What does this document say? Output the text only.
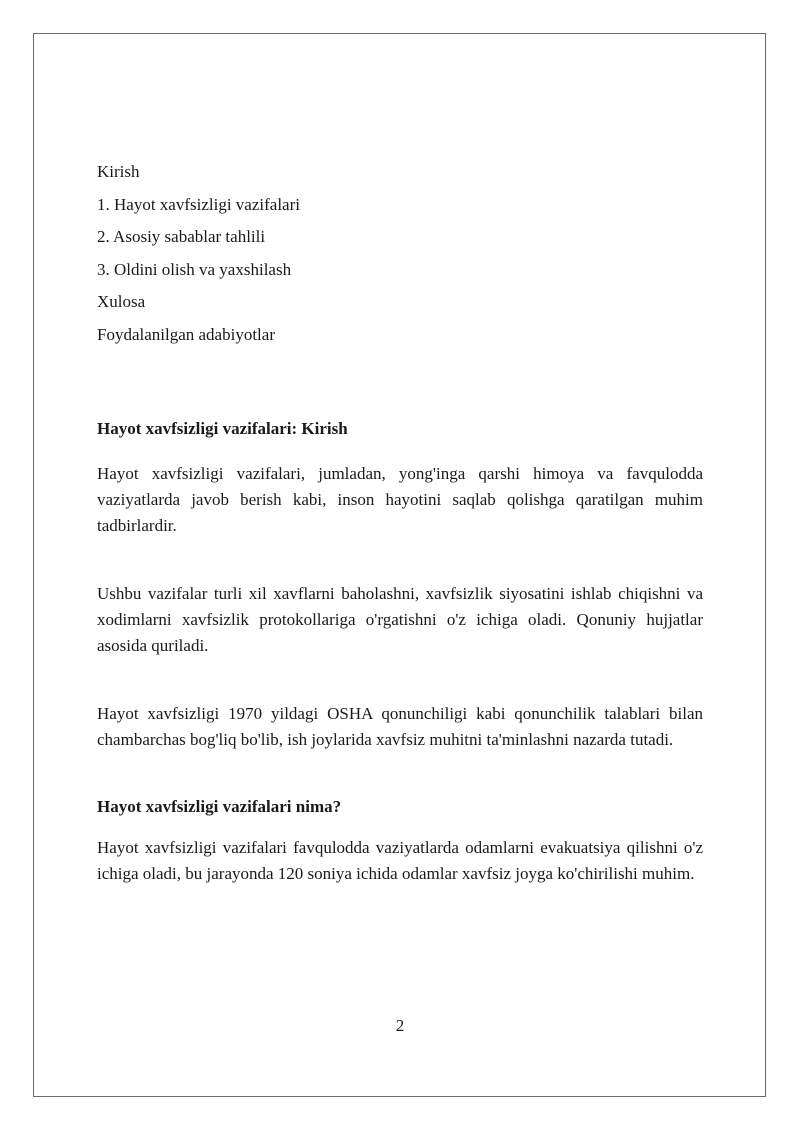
Kirish
1. Hayot xavfsizligi vazifalari
2. Asosiy sabablar tahlili
3. Oldini olish va yaxshilash
Xulosa
Foydalanilgan adabiyotlar
Hayot xavfsizligi vazifalari: Kirish

Hayot xavfsizligi vazifalari, jumladan, yong'inga qarshi himoya va favqulodda vaziyatlarda javob berish kabi, inson hayotini saqlab qolishga qaratilgan muhim tadbirlardir.

Ushbu vazifalar turli xil xavflarni baholashni, xavfsizlik siyosatini ishlab chiqishni va xodimlarni xavfsizlik protokollariga o'rgatishni o'z ichiga oladi. Qonuniy hujjatlar asosida quriladi.

Hayot xavfsizligi 1970 yildagi OSHA qonunchiligi kabi qonunchilik talablari bilan chambarchas bog'liq bo'lib, ish joylarida xavfsiz muhitni ta'minlashni nazarda tutadi.

Hayot xavfsizligi vazifalari nima?

Hayot xavfsizligi vazifalari favqulodda vaziyatlarda odamlarni evakuatsiya qilishni o'z ichiga oladi, bu jarayonda 120 soniya ichida odamlar xavfsiz joyga ko'chirilishi muhim.

2
